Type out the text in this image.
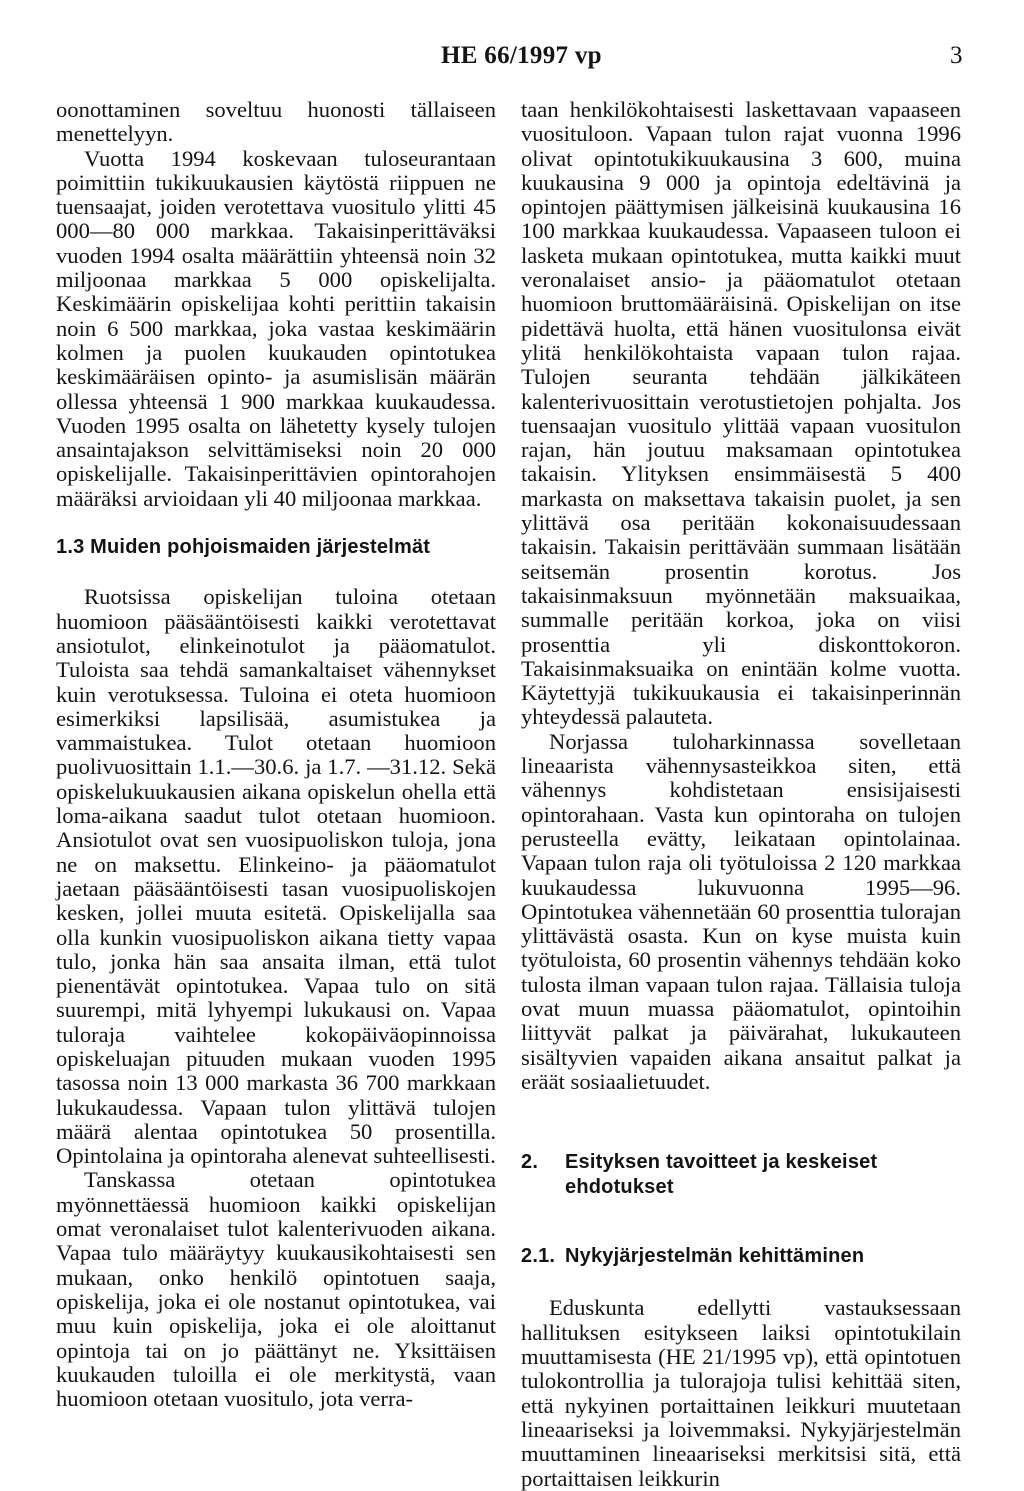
HE 66/1997 vp	3

oonottaminen soveltuu huonosti tällaiseen menettelyyn.

Vuotta 1994 koskevaan tuloseurantaan poimittiin tukikuukausien käytöstä riippuen ne tuensaajat, joiden verotettava vuositulo ylitti 45 000—80 000 markkaa. Takaisinperittäväksi vuoden 1994 osalta määrättiin yhteensä noin 32 miljoonaa markkaa 5 000 opiskelijalta. Keskimäärin opiskelijaa kohti perittiin takaisin noin 6 500 markkaa, joka vastaa keskimäärin kolmen ja puolen kuukauden opintotukea keskimääräisen opinto- ja asumislisän määrän ollessa yhteensä 1 900 markkaa kuukaudessa. Vuoden 1995 osalta on lähetetty kysely tulojen ansaintajakson selvittämiseksi noin 20 000 opiskelijalle. Takaisinperittävien opintorahojen määräksi arvioidaan yli 40 miljoonaa markkaa.

1.3 Muiden pohjoismaiden järjestelmät

Ruotsissa opiskelijan tuloina otetaan huomioon pääsääntöisesti kaikki verotettavat ansiotulot, elinkeinotulot ja pääomatulot. Tuloista saa tehdä samankaltaiset vähennykset kuin verotuksessa. Tuloina ei oteta huomioon esimerkiksi lapsilisää, asumistukea ja vammaistukea. Tulot otetaan huomioon puolivuosittain 1.1.—30.6. ja 1.7. —31.12. Sekä opiskelukuukausien aikana opiskelun ohella että loma-aikana saadut tulot otetaan huomioon. Ansiotulot ovat sen vuosipuoliskon tuloja, jona ne on maksettu. Elinkeino- ja pääomatulot jaetaan pääsääntöisesti tasan vuosipuoliskojen kesken, jollei muuta esitetä. Opiskelijalla saa olla kunkin vuosipuoliskon aikana tietty vapaa tulo, jonka hän saa ansaita ilman, että tulot pienentävät opintotukea. Vapaa tulo on sitä suurempi, mitä lyhyempi lukukausi on. Vapaa tuloraja vaihtelee kokopäiväopinnoissa opiskeluajan pituuden mukaan vuoden 1995 tasossa noin 13 000 markasta 36 700 markkaan lukukaudessa. Vapaan tulon ylittävä tulojen määrä alentaa opintotukea 50 prosentilla. Opintolaina ja opintoraha alenevat suhteellisesti.

Tanskassa otetaan opintotukea myönnettäessä huomioon kaikki opiskelijan omat veronalaiset tulot kalenterivuoden aikana. Vapaa tulo määräytyy kuukausikohtaisesti sen mukaan, onko henkilö opintotuen saaja, opiskelija, joka ei ole nostanut opintotukea, vai muu kuin opiskelija, joka ei ole aloittanut opintoja tai on jo päättänyt ne. Yksittäisen kuukauden tuloilla ei ole merkitystä, vaan huomioon otetaan vuositulo, jota verra-

taan henkilökohtaisesti laskettavaan vapaaseen vuosituloon. Vapaan tulon rajat vuonna 1996 olivat opintotukikuukausina 3 600, muina kuukausina 9 000 ja opintoja edeltävinä ja opintojen päättymisen jälkeisinä kuukausina 16 100 markkaa kuukaudessa. Vapaaseen tuloon ei lasketa mukaan opintotukea, mutta kaikki muut veronalaiset ansio- ja pääomatulot otetaan huomioon bruttomääräisinä. Opiskelijan on itse pidettävä huolta, että hänen vuositulonsa eivät ylitä henkilökohtaista vapaan tulon rajaa. Tulojen seuranta tehdään jälkikäteen kalenterivuosittain verotustietojen pohjalta. Jos tuensaajan vuositulo ylittää vapaan vuositulon rajan, hän joutuu maksamaan opintotukea takaisin. Ylityksen ensimmäisestä 5 400 markasta on maksettava takaisin puolet, ja sen ylittävä osa peritään kokonaisuudessaan takaisin. Takaisin perittävään summaan lisätään seitsemän prosentin korotus. Jos takaisinmaksuun myönnetään maksuaikaa, summalle peritään korkoa, joka on viisi prosenttia yli diskonttokoron. Takaisinmaksuaika on enintään kolme vuotta. Käytettyjä tukikuukausia ei takaisinperinnän yhteydessä palauteta.

Norjassa tuloharkinnassa sovelletaan lineaarista vähennysasteikkoa siten, että vähennys kohdistetaan ensisijaisesti opintorahaan. Vasta kun opintoraha on tulojen perusteella evätty, leikataan opintolainaa. Vapaan tulon raja oli työtuloissa 2 120 markkaa kuukaudessa lukuvuonna 1995—96. Opintotukea vähennetään 60 prosenttia tulorajan ylittävästä osasta. Kun on kyse muista kuin työtuloista, 60 prosentin vähennys tehdään koko tulosta ilman vapaan tulon rajaa. Tällaisia tuloja ovat muun muassa pääomatulot, opintoihin liittyvät palkat ja päivärahat, lukukauteen sisältyvien vapaiden aikana ansaitut palkat ja eräät sosiaalietuudet.

2.	Esityksen tavoitteet ja keskeiset ehdotukset
2.1. Nykyjärjestelmän kehittäminen

Eduskunta edellytti vastauksessaan hallituksen esitykseen laiksi opintotukilain muuttamisesta (HE 21/1995 vp), että opintotuen tulokontrollia ja tulorajoja tulisi kehittää siten, että nykyinen portaittainen leikkuri muutetaan lineaariseksi ja loivemmaksi. Nykyjärjestelmän muuttaminen lineaariseksi merkitsisi sitä, että portaittaisen leikkurin
